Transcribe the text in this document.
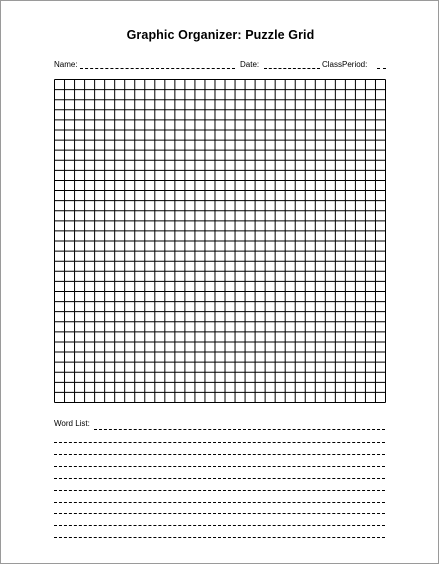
Graphic Organizer: Puzzle Grid
Name:	Date:	ClassPeriod:
Word List:
